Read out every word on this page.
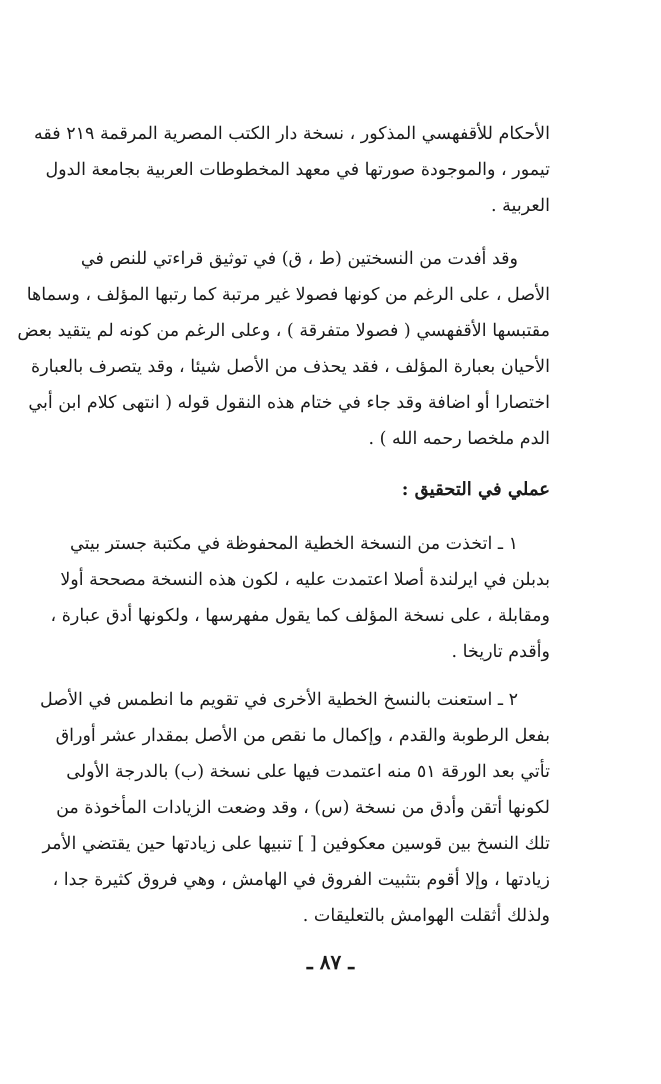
الأحكام للأقفهسي المذكور ، نسخة دار الكتب المصرية المرقمة ٢١٩ فقه
تيمور ، والموجودة صورتها في معهد المخطوطات العربية بجامعة الدول
العربية .
وقد أفدت من النسختين (ط ، ق) في توثيق قراءتي للنص في
الأصل ، على الرغم من كونها فصولا غير مرتبة كما رتبها المؤلف ، وسماها
مقتبسها الأقفهسي ( فصولا متفرقة ) ، وعلى الرغم من كونه لم يتقيد بعض
الأحيان بعبارة المؤلف ، فقد يحذف من الأصل شيئا ، وقد يتصرف بالعبارة
اختصارا أو اضافة وقد جاء في ختام هذه النقول قوله ( انتهى كلام ابن أبي
الدم ملخصا رحمه الله ) .
عملي في التحقيق :
١ ـ اتخذت من النسخة الخطية المحفوظة في مكتبة جستر بيتي
بدبلن في ايرلندة أصلا اعتمدت عليه ، لكون هذه النسخة مصححة أولا
ومقابلة ، على نسخة المؤلف كما يقول مفهرسها ، ولكونها أدق عبارة ،
وأقدم تاريخا .
٢ ـ استعنت بالنسخ الخطية الأخرى في تقويم ما انطمس في الأصل
بفعل الرطوبة والقدم ، وإكمال ما نقص من الأصل بمقدار عشر أوراق
تأتي بعد الورقة ٥١ منه اعتمدت فيها على نسخة (ب) بالدرجة الأولى
لكونها أتقن وأدق من نسخة (س) ، وقد وضعت الزيادات المأخوذة من
تلك النسخ بين قوسين معكوفين [ ] تنبيها على زيادتها حين يقتضي الأمر
زيادتها ، وإلا أقوم بتثبيت الفروق في الهامش ، وهي فروق كثيرة جدا ،
ولذلك أثقلت الهوامش بالتعليقات .
ـ ٨٧ ـ
